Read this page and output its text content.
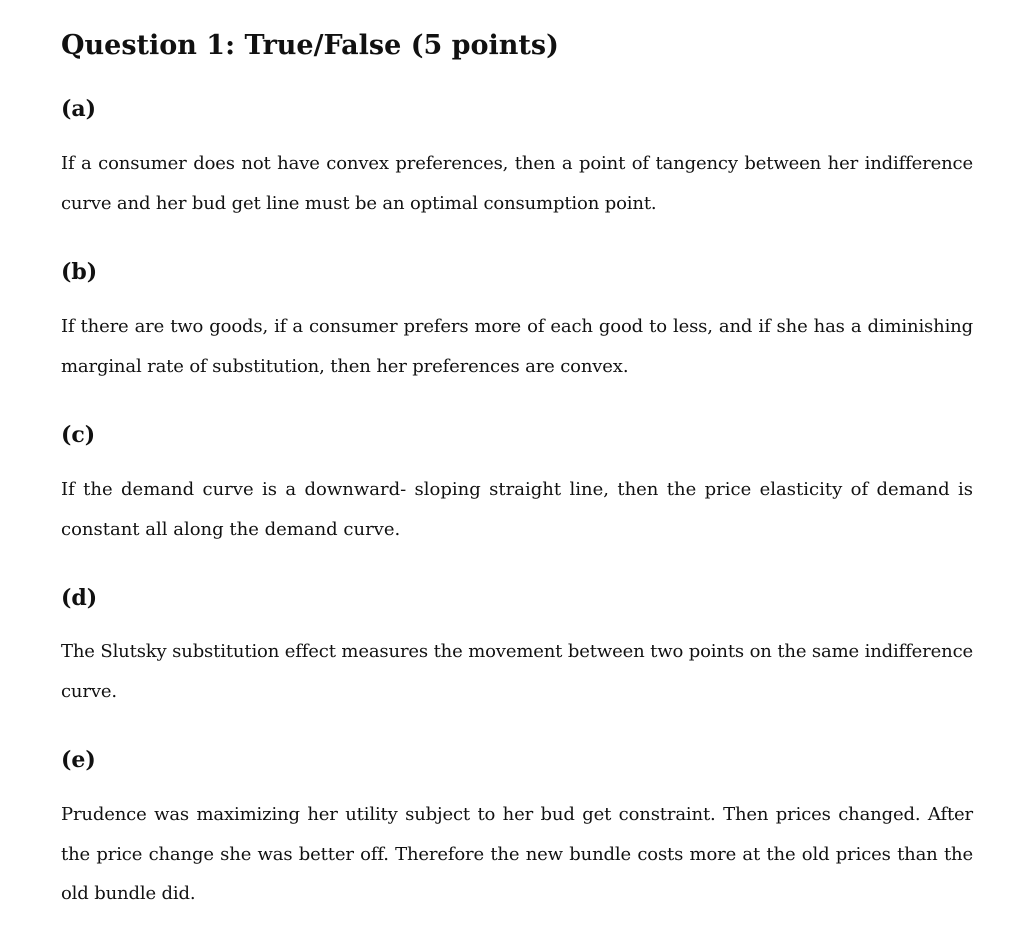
Question 1: True/False (5 points)
(a)

If a consumer does not have convex preferences, then a point of tangency between her indifference curve and her bud get line must be an optimal consumption point.

(b)

If there are two goods, if a consumer prefers more of each good to less, and if she has a diminishing marginal rate of substitution, then her preferences are convex.

(c)

If the demand curve is a downward- sloping straight line, then the price elasticity of demand is constant all along the demand curve.

(d)

The Slutsky substitution effect measures the movement between two points on the same indifference curve.

(e)

Prudence was maximizing her utility subject to her bud get constraint. Then prices changed. After the price change she was better off. Therefore the new bundle costs more at the old prices than the old bundle did.
